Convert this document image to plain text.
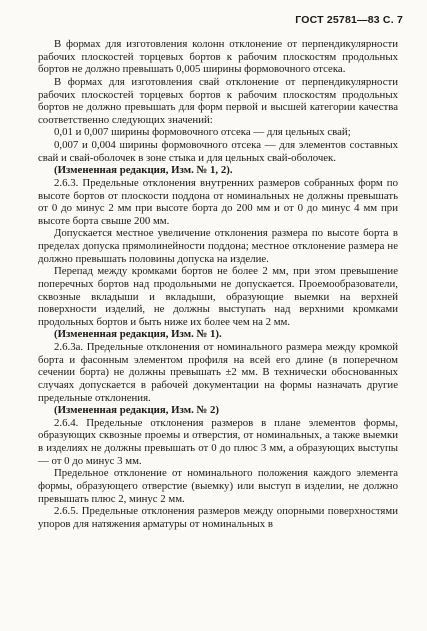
ГОСТ 25781—83 С. 7

В формах для изготовления колонн отклонение от перпендикулярности рабочих плоскостей торцевых бортов к рабочим плоскостям продольных бортов не должно превышать 0,005 ширины формовочного отсека.

В формах для изготовления свай отклонение от перпендикулярности рабочих плоскостей торцевых бортов к рабочим плоскостям продольных бортов не должно превышать для форм первой и высшей категории качества соответственно следующих значений:

0,01 и 0,007 ширины формовочного отсека — для цельных свай;

0,007 и 0,004 ширины формовочного отсека — для элементов составных свай и свай-оболочек в зоне стыка и для цельных свай-оболочек.

(Измененная редакция, Изм. № 1, 2).

2.6.3. Предельные отклонения внутренних размеров собранных форм по высоте бортов от плоскости поддона от номинальных не должны превышать от 0 до минус 2 мм при высоте борта до 200 мм и от 0 до минус 4 мм при высоте борта свыше 200 мм.

Допускается местное увеличение отклонения размера по высоте борта в пределах допуска прямолинейности поддона; местное отклонение размера не должно превышать половины допуска на изделие.

Перепад между кромками бортов не более 2 мм, при этом превышение поперечных бортов над продольными не допускается. Проемообразователи, сквозные вкладыши и вкладыши, образующие выемки на верхней поверхности изделий, не должны выступать над верхними кромками продольных бортов и быть ниже их более чем на 2 мм.

(Измененная редакция, Изм. № 1).

2.6.3а. Предельные отклонения от номинального размера между кромкой борта и фасонным элементом профиля на всей его длине (в поперечном сечении борта) не должны превышать ±2 мм. В технически обоснованных случаях допускается в рабочей документации на формы назначать другие предельные отклонения.

(Измененная редакция, Изм. № 2)

2.6.4. Предельные отклонения размеров в плане элементов формы, образующих сквозные проемы и отверстия, от номинальных, а также выемки в изделиях не должны превышать от 0 до плюс 3 мм, а образующих выступы — от 0 до минус 3 мм.

Предельное отклонение от номинального положения каждого элемента формы, образующего отверстие (выемку) или выступ в изделии, не должно превышать плюс 2, минус 2 мм.

2.6.5. Предельные отклонения размеров между опорными поверхностями упоров для натяжения арматуры от номинальных в
